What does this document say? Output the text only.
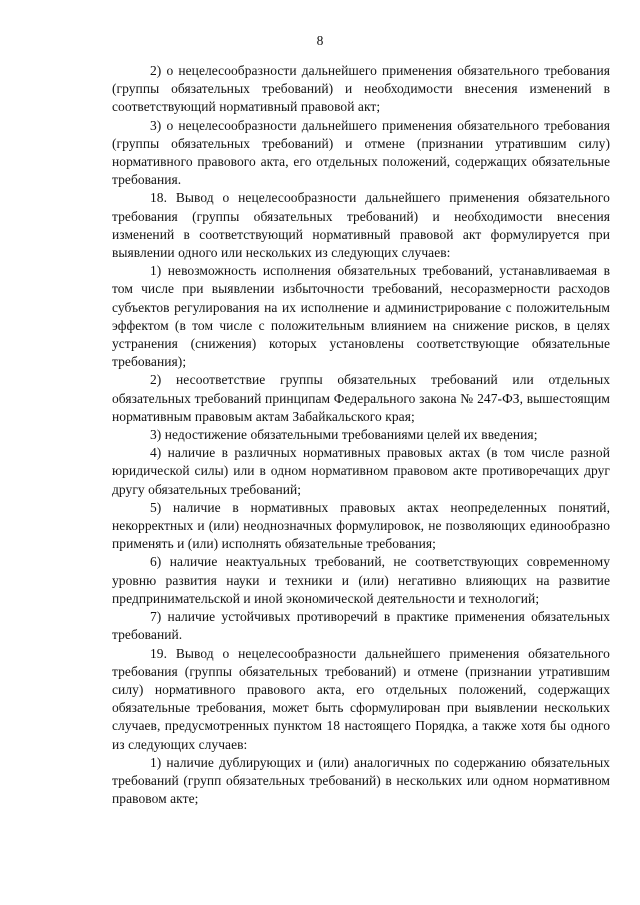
8

2) о нецелесообразности дальнейшего применения обязательного требования (группы обязательных требований) и необходимости внесения изменений в соответствующий нормативный правовой акт;

3) о нецелесообразности дальнейшего применения обязательного требования (группы обязательных требований) и отмене (признании утратившим силу) нормативного правового акта, его отдельных положений, содержащих обязательные требования.

18. Вывод о нецелесообразности дальнейшего применения обязательного требования (группы обязательных требований) и необходимости внесения изменений в соответствующий нормативный правовой акт формулируется при выявлении одного или нескольких из следующих случаев:

1) невозможность исполнения обязательных требований, устанавливаемая в том числе при выявлении избыточности требований, несоразмерности расходов субъектов регулирования на их исполнение и администрирование с положительным эффектом (в том числе с положительным влиянием на снижение рисков, в целях устранения (снижения) которых установлены соответствующие обязательные требования);

2) несоответствие группы обязательных требований или отдельных обязательных требований принципам Федерального закона № 247-ФЗ, вышестоящим нормативным правовым актам Забайкальского края;

3) недостижение обязательными требованиями целей их введения;

4) наличие в различных нормативных правовых актах (в том числе разной юридической силы) или в одном нормативном правовом акте противоречащих друг другу обязательных требований;

5) наличие в нормативных правовых актах неопределенных понятий, некорректных и (или) неоднозначных формулировок, не позволяющих единообразно применять и (или) исполнять обязательные требования;

6) наличие неактуальных требований, не соответствующих современному уровню развития науки и техники и (или) негативно влияющих на развитие предпринимательской и иной экономической деятельности и технологий;

7) наличие устойчивых противоречий в практике применения обязательных требований.

19. Вывод о нецелесообразности дальнейшего применения обязательного требования (группы обязательных требований) и отмене (признании утратившим силу) нормативного правового акта, его отдельных положений, содержащих обязательные требования, может быть сформулирован при выявлении нескольких случаев, предусмотренных пунктом 18 настоящего Порядка, а также хотя бы одного из следующих случаев:

1) наличие дублирующих и (или) аналогичных по содержанию обязательных требований (групп обязательных требований) в нескольких или одном нормативном правовом акте;
